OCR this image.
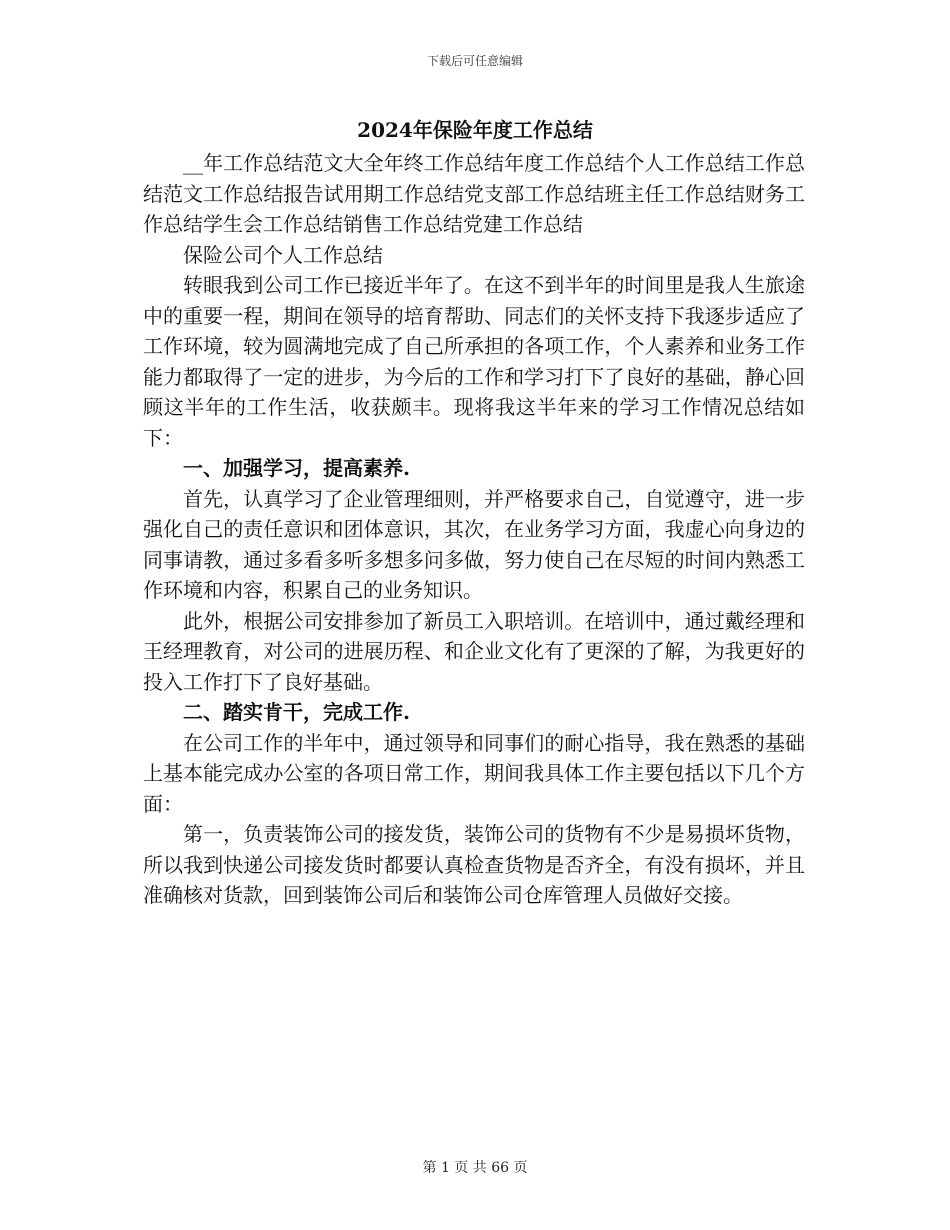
下载后可任意编辑
2024年保险年度工作总结

__年工作总结范文大全年终工作总结年度工作总结个人工作总结工作总结范文工作总结报告试用期工作总结党支部工作总结班主任工作总结财务工作总结学生会工作总结销售工作总结党建工作总结

保险公司个人工作总结

转眼我到公司工作已接近半年了。在这不到半年的时间里是我人生旅途中的重要一程，期间在领导的培育帮助、同志们的关怀支持下我逐步适应了工作环境，较为圆满地完成了自己所承担的各项工作，个人素养和业务工作能力都取得了一定的进步，为今后的工作和学习打下了良好的基础，静心回顾这半年的工作生活，收获颇丰。现将我这半年来的学习工作情况总结如下：

一、加强学习，提高素养.

首先，认真学习了企业管理细则，并严格要求自己，自觉遵守，进一步强化自己的责任意识和团体意识，其次，在业务学习方面，我虚心向身边的同事请教，通过多看多听多想多问多做，努力使自己在尽短的时间内熟悉工作环境和内容，积累自己的业务知识。

此外，根据公司安排参加了新员工入职培训。在培训中，通过戴经理和王经理教育，对公司的进展历程、和企业文化有了更深的了解，为我更好的投入工作打下了良好基础。

二、踏实肯干，完成工作.

在公司工作的半年中，通过领导和同事们的耐心指导，我在熟悉的基础上基本能完成办公室的各项日常工作，期间我具体工作主要包括以下几个方面：

第一，负责装饰公司的接发货，装饰公司的货物有不少是易损坏货物，所以我到快递公司接发货时都要认真检查货物是否齐全，有没有损坏，并且准确核对货款，回到装饰公司后和装饰公司仓库管理人员做好交接。

第 1 页 共 66 页
